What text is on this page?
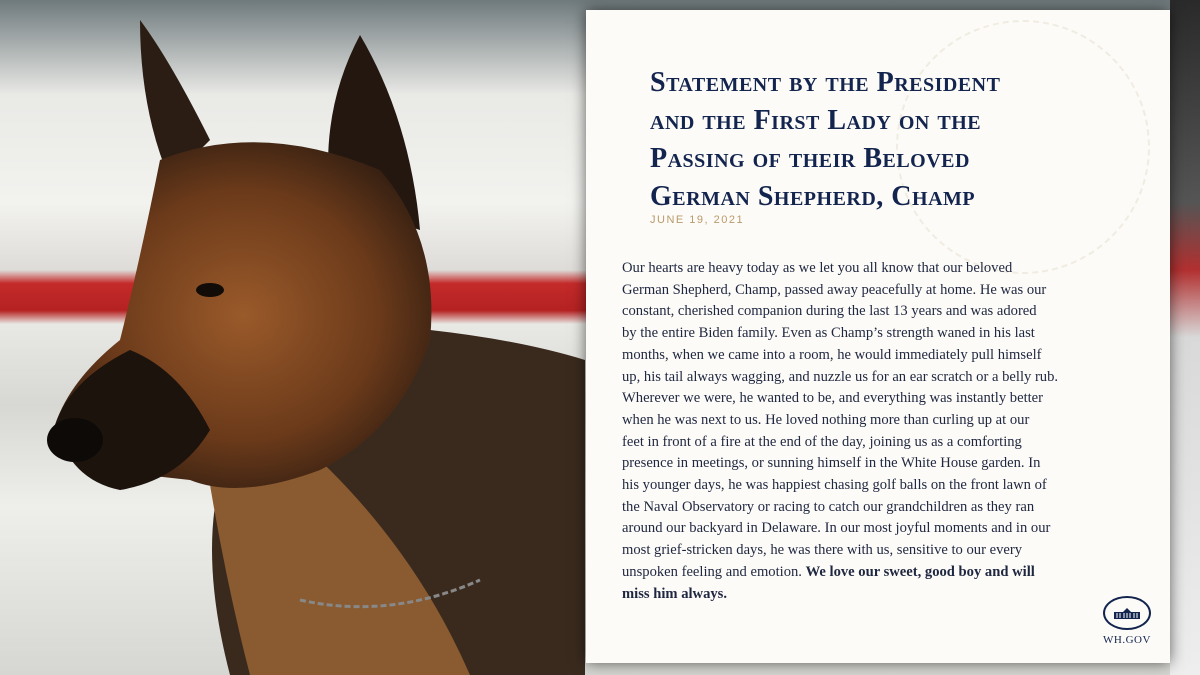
Statement by the President
and the First Lady on the
Passing of their Beloved
German Shepherd, Champ
JUNE 19, 2021
Our hearts are heavy today as we let you all know that our beloved
German Shepherd, Champ, passed away peacefully at home. He was our
constant, cherished companion during the last 13 years and was adored
by the entire Biden family. Even as Champ’s strength waned in his last
months, when we came into a room, he would immediately pull himself
up, his tail always wagging, and nuzzle us for an ear scratch or a belly rub.
Wherever we were, he wanted to be, and everything was instantly better
when he was next to us. He loved nothing more than curling up at our
feet in front of a fire at the end of the day, joining us as a comforting
presence in meetings, or sunning himself in the White House garden. In
his younger days, he was happiest chasing golf balls on the front lawn of
the Naval Observatory or racing to catch our grandchildren as they ran
around our backyard in Delaware. In our most joyful moments and in our
most grief-stricken days, he was there with us, sensitive to our every
unspoken feeling and emotion. We love our sweet, good boy and will
miss him always.
WH.GOV
